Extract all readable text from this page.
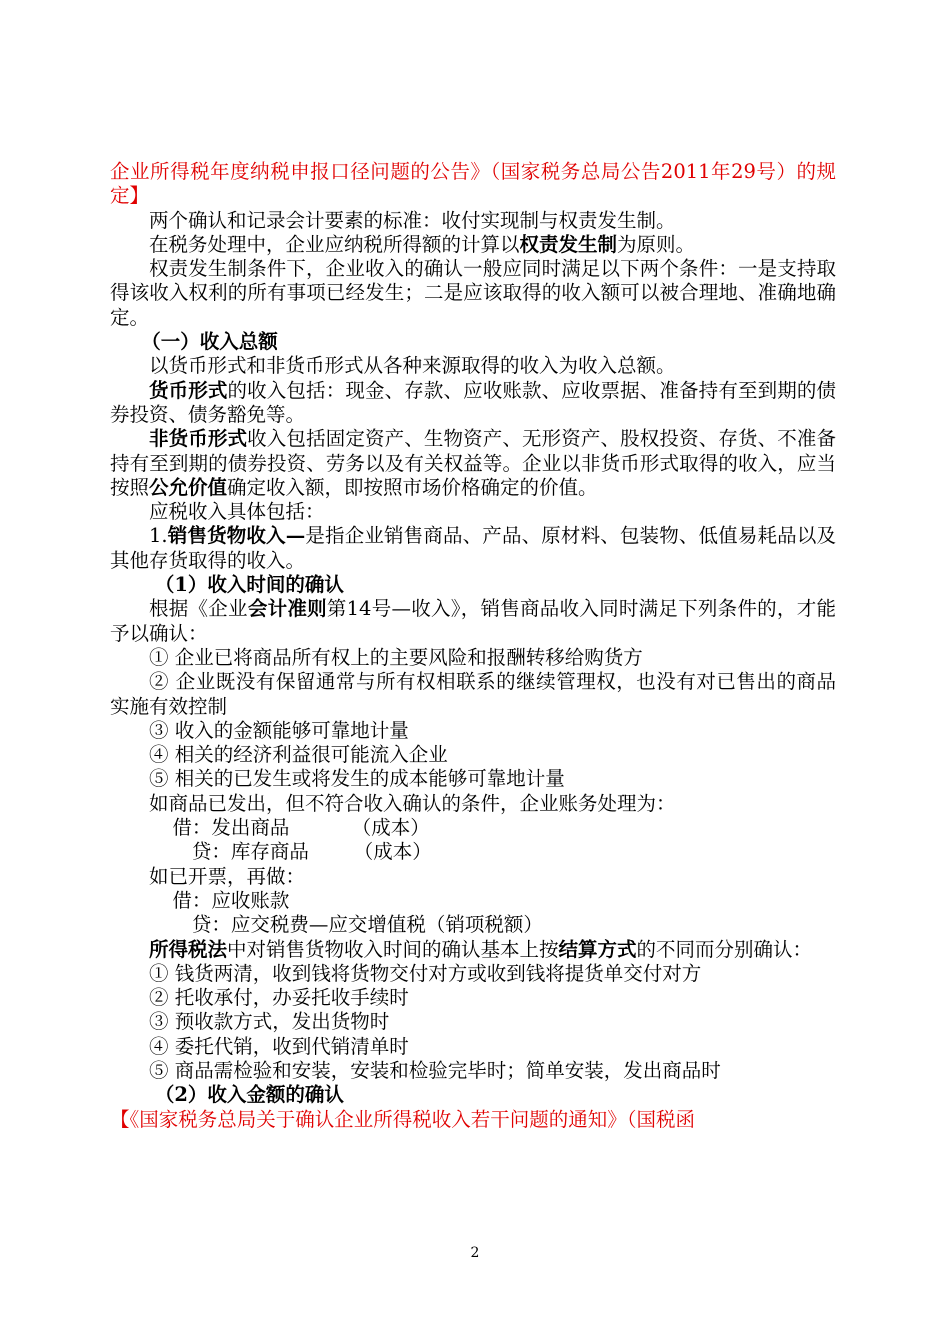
企业所得税年度纳税申报口径问题的公告》（国家税务总局公告2011年29号）的规定】

两个确认和记录会计要素的标准：收付实现制与权责发生制。

在税务处理中，企业应纳税所得额的计算以权责发生制为原则。

权责发生制条件下，企业收入的确认一般应同时满足以下两个条件：一是支持取得该收入权利的所有事项已经发生；二是应该取得的收入额可以被合理地、准确地确定。

（一）收入总额

以货币形式和非货币形式从各种来源取得的收入为收入总额。

货币形式的收入包括：现金、存款、应收账款、应收票据、准备持有至到期的债券投资、债务豁免等。

非货币形式收入包括固定资产、生物资产、无形资产、股权投资、存货、不准备持有至到期的债券投资、劳务以及有关权益等。企业以非货币形式取得的收入，应当按照公允价值确定收入额，即按照市场价格确定的价值。

应税收入具体包括：

1.销售货物收入—是指企业销售商品、产品、原材料、包装物、低值易耗品以及其他存货取得的收入。

（1）收入时间的确认

根据《企业会计准则第14号—收入》，销售商品收入同时满足下列条件的，才能予以确认：

① 企业已将商品所有权上的主要风险和报酬转移给购货方

② 企业既没有保留通常与所有权相联系的继续管理权，也没有对已售出的商品实施有效控制

③ 收入的金额能够可靠地计量

④ 相关的经济利益很可能流入企业

⑤ 相关的已发生或将发生的成本能够可靠地计量

如商品已发出，但不符合收入确认的条件，企业账务处理为：

借：发出商品	（成本）

贷：库存商品 （成本）

如已开票，再做：

借：应收账款

贷：应交税费—应交增值税（销项税额）

所得税法中对销售货物收入时间的确认基本上按结算方式的不同而分别确认：

① 钱货两清，收到钱将货物交付对方或收到钱将提货单交付对方

② 托收承付，办妥托收手续时

③ 预收款方式，发出货物时

④ 委托代销，收到代销清单时

⑤ 商品需检验和安装，安装和检验完毕时；简单安装，发出商品时

（2）收入金额的确认

【《国家税务总局关于确认企业所得税收入若干问题的通知》（国税函

2
